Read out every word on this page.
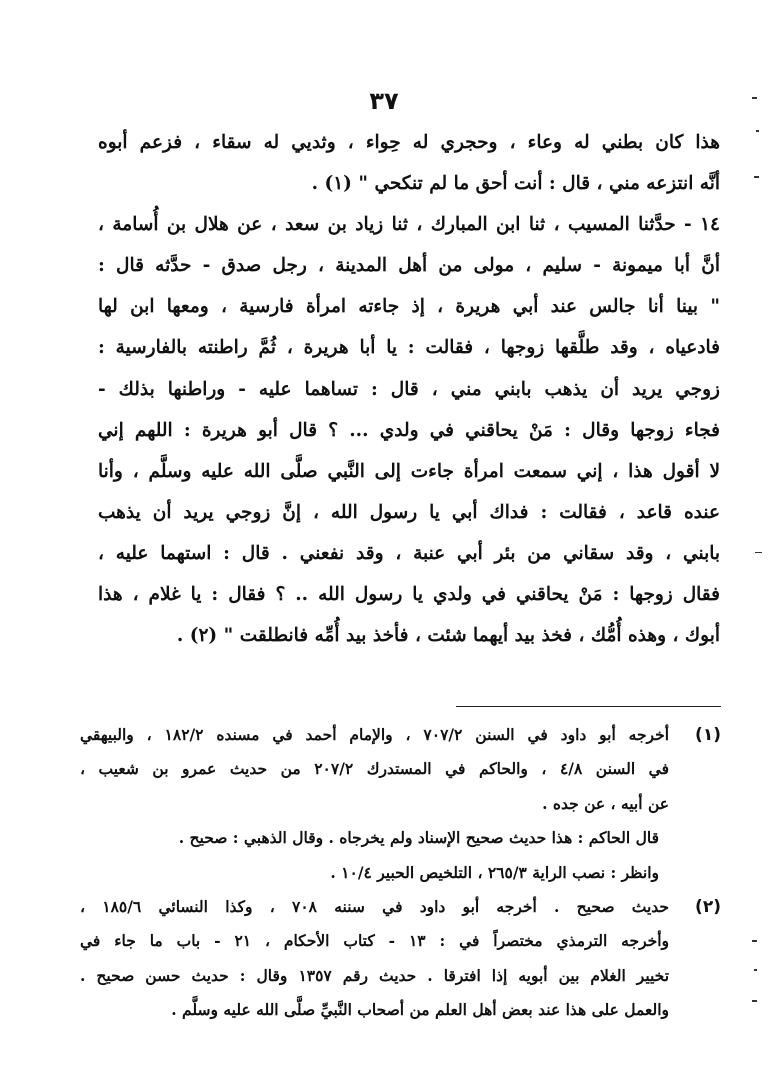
٣٧
هذا كان بطني له وعاء ، وحجري له حِواء ، وثديي له سقاء ، فزعم أبوه
أنَّه انتزعه مني ، قال : أنت أحق ما لم تنكحي " (١) .
١٤ - حدَّثنا المسيب ، ثنا ابن المبارك ، ثنا زياد بن سعد ، عن هلال بن أُسامة ،
أنَّ أبا ميمونة - سليم ، مولى من أهل المدينة ، رجل صدق - حدَّثه قال :
" بينا أنا جالس عند أبي هريرة ، إذ جاءته امرأة فارسية ، ومعها ابن لها
فادعياه ، وقد طلَّقها زوجها ، فقالت : يا أبا هريرة ، ثُمَّ راطنته بالفارسية :
زوجي يريد أن يذهب بابني مني ، قال : تساهما عليه - وراطنها بذلك -
فجاء زوجها وقال : مَنْ يحاقني في ولدي ... ؟ قال أبو هريرة : اللهم إني
لا أقول هذا ، إني سمعت امرأة جاءت إلى النَّبي صلَّى الله عليه وسلَّم ، وأنا
عنده قاعد ، فقالت : فداك أبي يا رسول الله ، إنَّ زوجي يريد أن يذهب
بابني ، وقد سقاني من بئر أبي عنبة ، وقد نفعني . قال : استهما عليه ،
فقال زوجها : مَنْ يحاقني في ولدي يا رسول الله .. ؟ فقال : يا غلام ، هذا
أبوك ، وهذه أُمُّك ، فخذ بيد أيهما شئت ، فأخذ بيد أُمِّه فانطلقت " (٢) .
(١)
أخرجه أبو داود في السنن ٧٠٧/٢ ، والإمام أحمد في مسنده ١٨٢/٢ ، والبيهقي
في السنن ٤/٨ ، والحاكم في المستدرك ٢٠٧/٢ من حديث عمرو بن شعيب ،
عن أبيه ، عن جده .
قال الحاكم : هذا حديث صحيح الإسناد ولم يخرجاه . وقال الذهبي : صحيح .
وانظر : نصب الراية ٢٦٥/٣ ، التلخيص الحبير ١٠/٤ .
(٢)
حديث صحيح . أخرجه أبو داود في سننه ٧٠٨ ، وكذا النسائي ١٨٥/٦ ،
وأخرجه الترمذي مختصراً في : ١٣ - كتاب الأحكام ، ٢١ - باب ما جاء في
تخيير الغلام بين أبويه إذا افترقا . حديث رقم ١٣٥٧ وقال : حديث حسن صحيح .
والعمل على هذا عند بعض أهل العلم من أصحاب النَّبيِّ صلَّى الله عليه وسلَّم .
